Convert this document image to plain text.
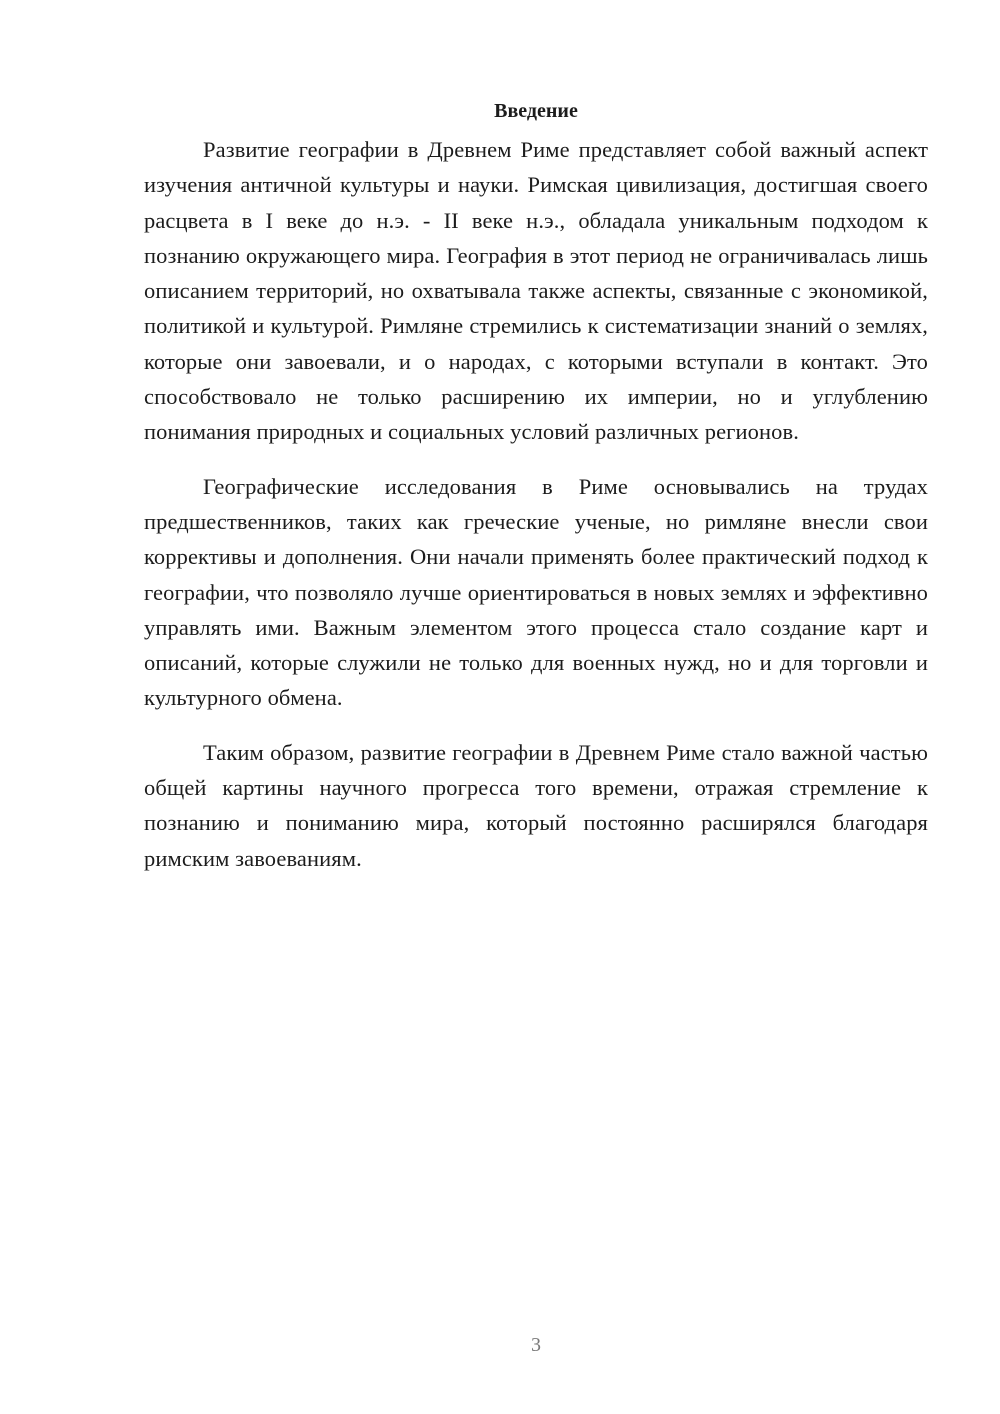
Введение

Развитие географии в Древнем Риме представляет собой важный аспект изучения античной культуры и науки. Римская цивилизация, достигшая своего расцвета в I веке до н.э. - II веке н.э., обладала уникальным подходом к познанию окружающего мира. География в этот период не ограничивалась лишь описанием территорий, но охватывала также аспекты, связанные с экономикой, политикой и культурой. Римляне стремились к систематизации знаний о землях, которые они завоевали, и о народах, с которыми вступали в контакт. Это способствовало не только расширению их империи, но и углублению понимания природных и социальных условий различных регионов.

Географические исследования в Риме основывались на трудах предшественников, таких как греческие ученые, но римляне внесли свои коррективы и дополнения. Они начали применять более практический подход к географии, что позволяло лучше ориентироваться в новых землях и эффективно управлять ими. Важным элементом этого процесса стало создание карт и описаний, которые служили не только для военных нужд, но и для торговли и культурного обмена.

Таким образом, развитие географии в Древнем Риме стало важной частью общей картины научного прогресса того времени, отражая стремление к познанию и пониманию мира, который постоянно расширялся благодаря римским завоеваниям.

3
